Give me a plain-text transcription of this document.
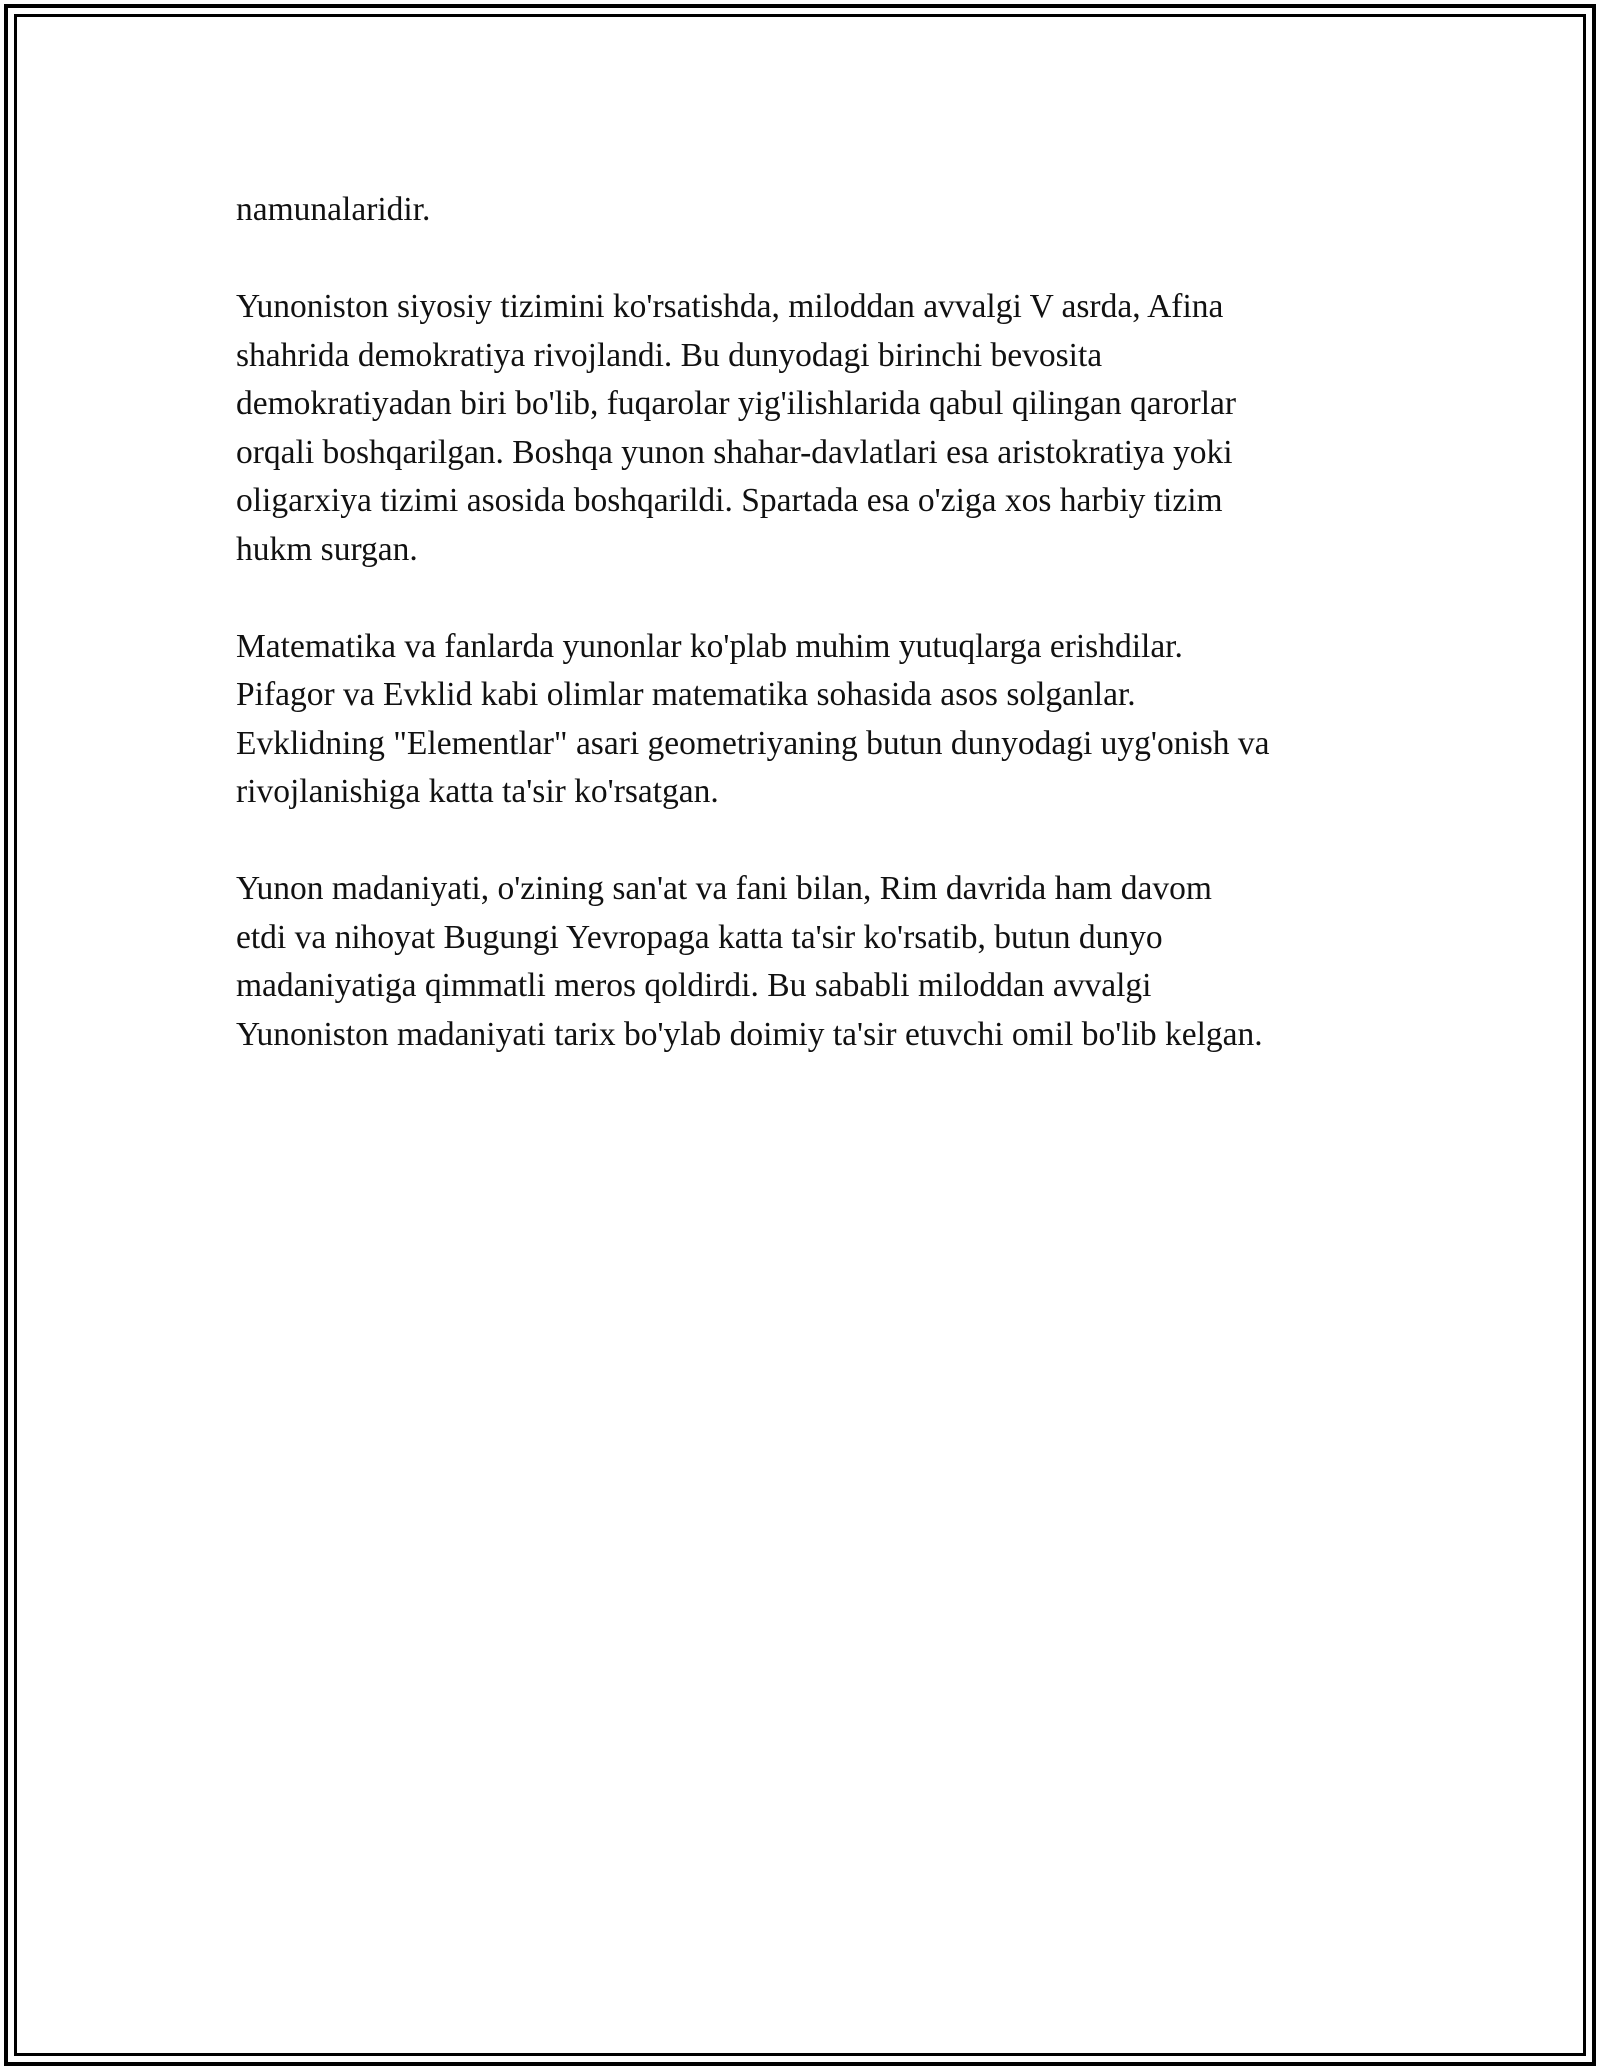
namunalaridir.
Yunoniston siyosiy tizimini ko'rsatishda, miloddan avvalgi V asrda, Afina
shahrida demokratiya rivojlandi. Bu dunyodagi birinchi bevosita
demokratiyadan biri bo'lib, fuqarolar yig'ilishlarida qabul qilingan qarorlar
orqali boshqarilgan. Boshqa yunon shahar-davlatlari esa aristokratiya yoki
oligarxiya tizimi asosida boshqarildi. Spartada esa o'ziga xos harbiy tizim
hukm surgan.
Matematika va fanlarda yunonlar ko'plab muhim yutuqlarga erishdilar.
Pifagor va Evklid kabi olimlar matematika sohasida asos solganlar.
Evklidning "Elementlar" asari geometriyaning butun dunyodagi uyg'onish va
rivojlanishiga katta ta'sir ko'rsatgan.
Yunon madaniyati, o'zining san'at va fani bilan, Rim davrida ham davom
etdi va nihoyat Bugungi Yevropaga katta ta'sir ko'rsatib, butun dunyo
madaniyatiga qimmatli meros qoldirdi. Bu sababli miloddan avvalgi
Yunoniston madaniyati tarix bo'ylab doimiy ta'sir etuvchi omil bo'lib kelgan.
